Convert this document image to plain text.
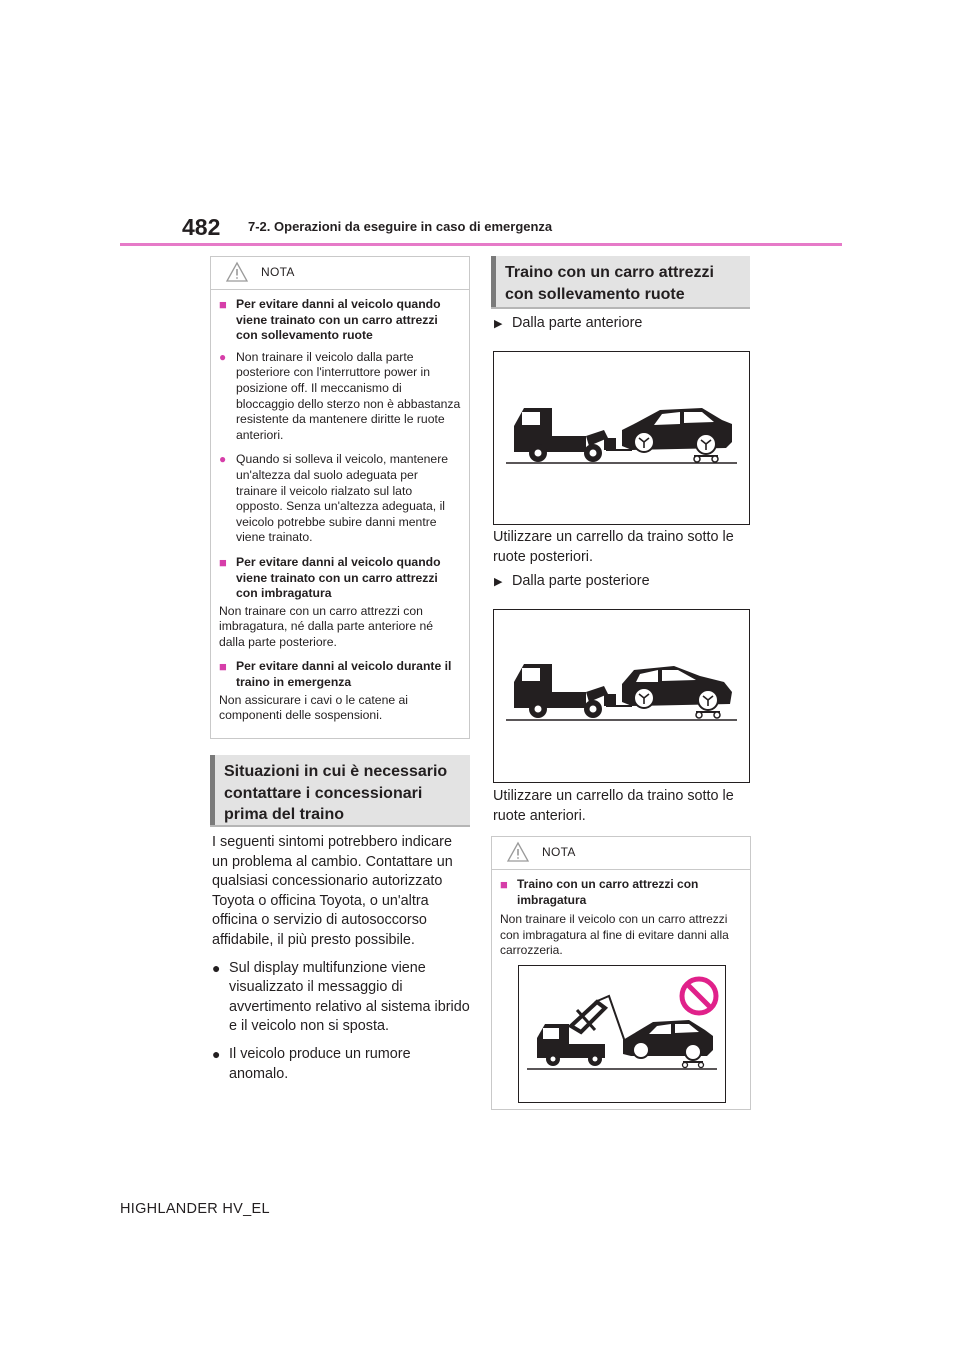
482 7-2. Operazioni da eseguire in caso di emergenza
NOTA
■ Per evitare danni al veicolo quando viene trainato con un carro attrezzi con sollevamento ruote
● Non trainare il veicolo dalla parte posteriore con l'interruttore power in posizione off. Il meccanismo di bloccaggio dello sterzo non è abbastanza resistente da mantenere diritte le ruote anteriori.
● Quando si solleva il veicolo, mantenere un'altezza dal suolo adeguata per trainare il veicolo rialzato sul lato opposto. Senza un'altezza adeguata, il veicolo potrebbe subire danni mentre viene trainato.
■ Per evitare danni al veicolo quando viene trainato con un carro attrezzi con imbragatura
Non trainare con un carro attrezzi con imbragatura, né dalla parte anteriore né dalla parte posteriore.
■ Per evitare danni al veicolo durante il traino in emergenza
Non assicurare i cavi o le catene ai componenti delle sospensioni.
Situazioni in cui è necessario contattare i concessionari prima del traino
I seguenti sintomi potrebbero indicare un problema al cambio. Contattare un qualsiasi concessionario autorizzato Toyota o officina Toyota, o un'altra officina o servizio di autosoccorso affidabile, il più presto possibile.
● Sul display multifunzione viene visualizzato il messaggio di avvertimento relativo al sistema ibrido e il veicolo non si sposta.
● Il veicolo produce un rumore anomalo.
Traino con un carro attrezzi con sollevamento ruote
▶ Dalla parte anteriore
Utilizzare un carrello da traino sotto le ruote posteriori.
▶ Dalla parte posteriore
Utilizzare un carrello da traino sotto le ruote anteriori.
NOTA
■ Traino con un carro attrezzi con imbragatura
Non trainare il veicolo con un carro attrezzi con imbragatura al fine di evitare danni alla carrozzeria.
HIGHLANDER HV_EL
